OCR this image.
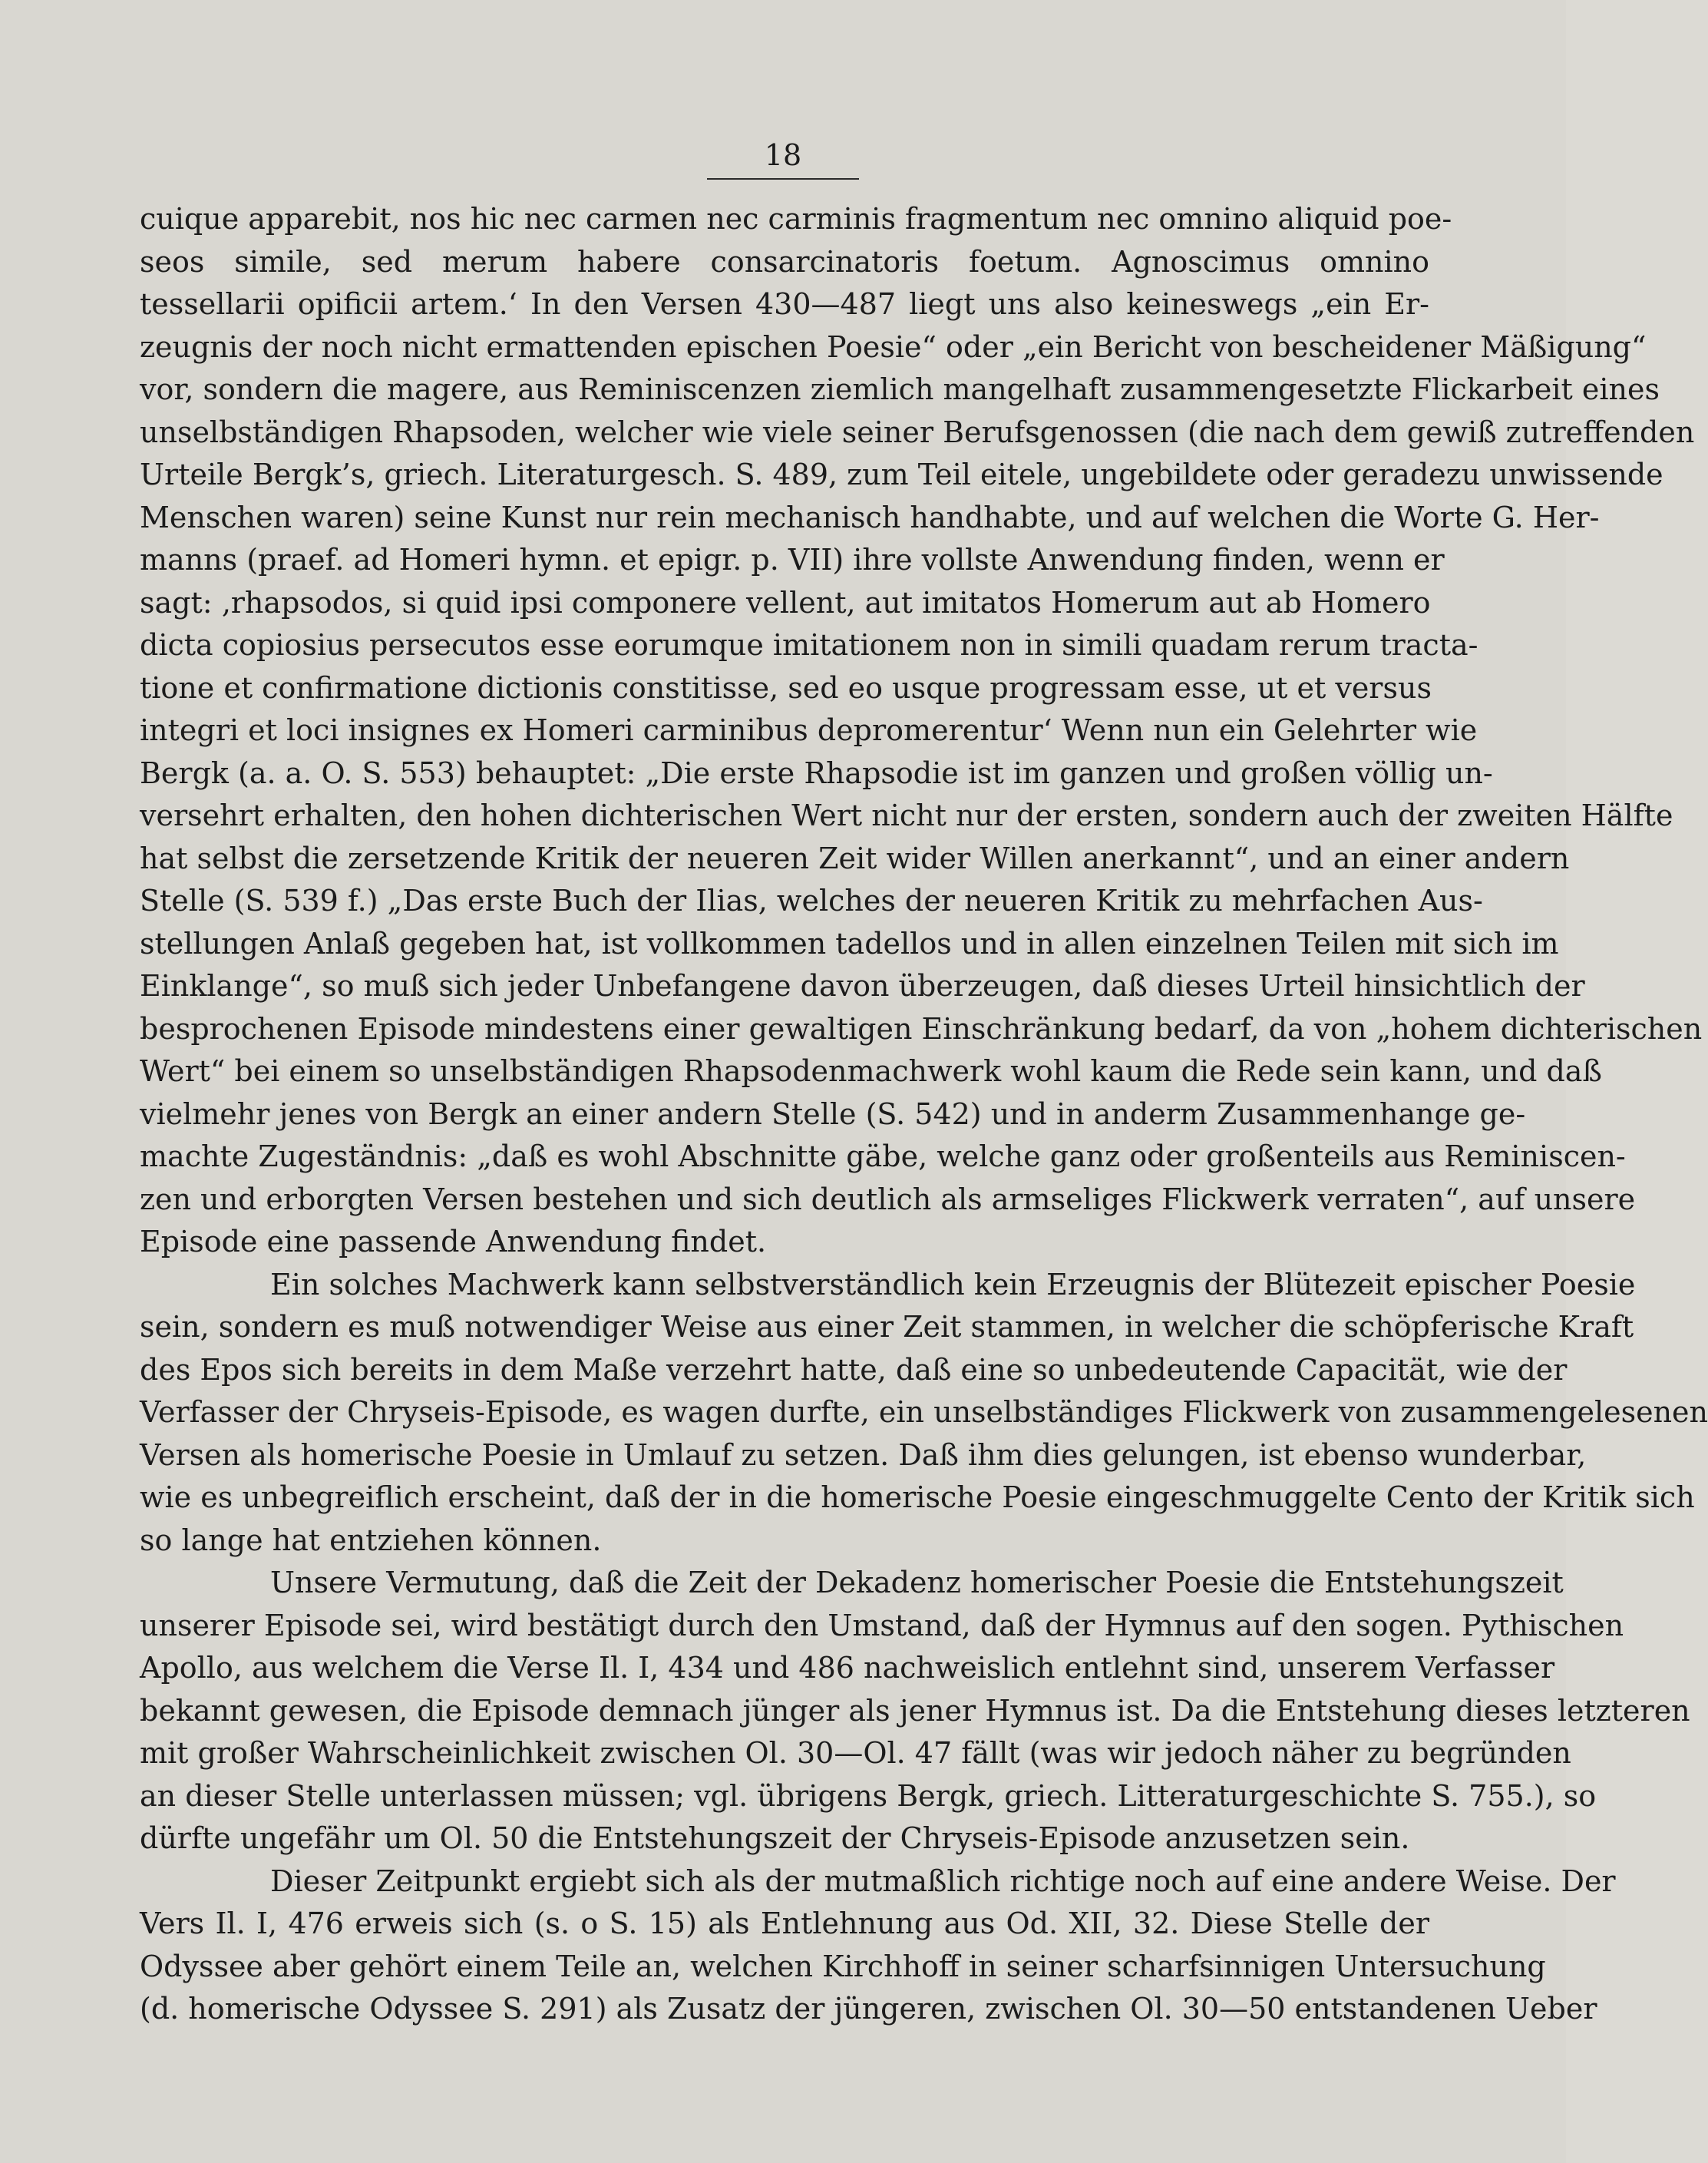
18
cuique apparebit, nos hic nec carmen nec carminis fragmentum nec omnino aliquid poe-
seos simile, sed merum habere consarcinatoris foetum. Agnoscimus omnino
tessellarii opificii artem.‘ In den Versen 430—487 liegt uns also keineswegs „ein Er-
zeugnis der noch nicht ermattenden epischen Poesie“ oder „ein Bericht von bescheidener Mäßigung“
vor, sondern die magere, aus Reminiscenzen ziemlich mangelhaft zusammengesetzte Flickarbeit eines
unselbständigen Rhapsoden, welcher wie viele seiner Berufsgenossen (die nach dem gewiß zutreffenden
Urteile Bergk’s, griech. Literaturgesch. S. 489, zum Teil eitele, ungebildete oder geradezu unwissende
Menschen waren) seine Kunst nur rein mechanisch handhabte, und auf welchen die Worte G. Her-
manns (praef. ad Homeri hymn. et epigr. p. VII) ihre vollste Anwendung finden, wenn er
sagt: ‚rhapsodos, si quid ipsi componere vellent, aut imitatos Homerum aut ab Homero
dicta copiosius persecutos esse eorumque imitationem non in simili quadam rerum tracta-
tione et confirmatione dictionis constitisse, sed eo usque progressam esse, ut et versus
integri et loci insignes ex Homeri carminibus depromerentur‘ Wenn nun ein Gelehrter wie
Bergk (a. a. O. S. 553) behauptet: „Die erste Rhapsodie ist im ganzen und großen völlig un-
versehrt erhalten, den hohen dichterischen Wert nicht nur der ersten, sondern auch der zweiten Hälfte
hat selbst die zersetzende Kritik der neueren Zeit wider Willen anerkannt“, und an einer andern
Stelle (S. 539 f.) „Das erste Buch der Ilias, welches der neueren Kritik zu mehrfachen Aus-
stellungen Anlaß gegeben hat, ist vollkommen tadellos und in allen einzelnen Teilen mit sich im
Einklange“, so muß sich jeder Unbefangene davon überzeugen, daß dieses Urteil hinsichtlich der
besprochenen Episode mindestens einer gewaltigen Einschränkung bedarf, da von „hohem dichterischen
Wert“ bei einem so unselbständigen Rhapsodenmachwerk wohl kaum die Rede sein kann, und daß
vielmehr jenes von Bergk an einer andern Stelle (S. 542) und in anderm Zusammenhange ge-
machte Zugeständnis: „daß es wohl Abschnitte gäbe, welche ganz oder großenteils aus Reminiscen-
zen und erborgten Versen bestehen und sich deutlich als armseliges Flickwerk verraten“, auf unsere
Episode eine passende Anwendung findet.
Ein solches Machwerk kann selbstverständlich kein Erzeugnis der Blütezeit epischer Poesie
sein, sondern es muß notwendiger Weise aus einer Zeit stammen, in welcher die schöpferische Kraft
des Epos sich bereits in dem Maße verzehrt hatte, daß eine so unbedeutende Capacität, wie der
Verfasser der Chryseis-Episode, es wagen durfte, ein unselbständiges Flickwerk von zusammengelesenen
Versen als homerische Poesie in Umlauf zu setzen. Daß ihm dies gelungen, ist ebenso wunderbar,
wie es unbegreiflich erscheint, daß der in die homerische Poesie eingeschmuggelte Cento der Kritik sich
so lange hat entziehen können.
Unsere Vermutung, daß die Zeit der Dekadenz homerischer Poesie die Entstehungszeit
unserer Episode sei, wird bestätigt durch den Umstand, daß der Hymnus auf den sogen. Pythischen
Apollo, aus welchem die Verse Il. I, 434 und 486 nachweislich entlehnt sind, unserem Verfasser
bekannt gewesen, die Episode demnach jünger als jener Hymnus ist. Da die Entstehung dieses letzteren
mit großer Wahrscheinlichkeit zwischen Ol. 30—Ol. 47 fällt (was wir jedoch näher zu begründen
an dieser Stelle unterlassen müssen; vgl. übrigens Bergk, griech. Litteraturgeschichte S. 755.), so
dürfte ungefähr um Ol. 50 die Entstehungszeit der Chryseis-Episode anzusetzen sein.
Dieser Zeitpunkt ergiebt sich als der mutmaßlich richtige noch auf eine andere Weise. Der
Vers Il. I, 476 erweis sich (s. o S. 15) als Entlehnung aus Od. XII, 32. Diese Stelle der
Odyssee aber gehört einem Teile an, welchen Kirchhoff in seiner scharfsinnigen Untersuchung
(d. homerische Odyssee S. 291) als Zusatz der jüngeren, zwischen Ol. 30—50 entstandenen Ueber
